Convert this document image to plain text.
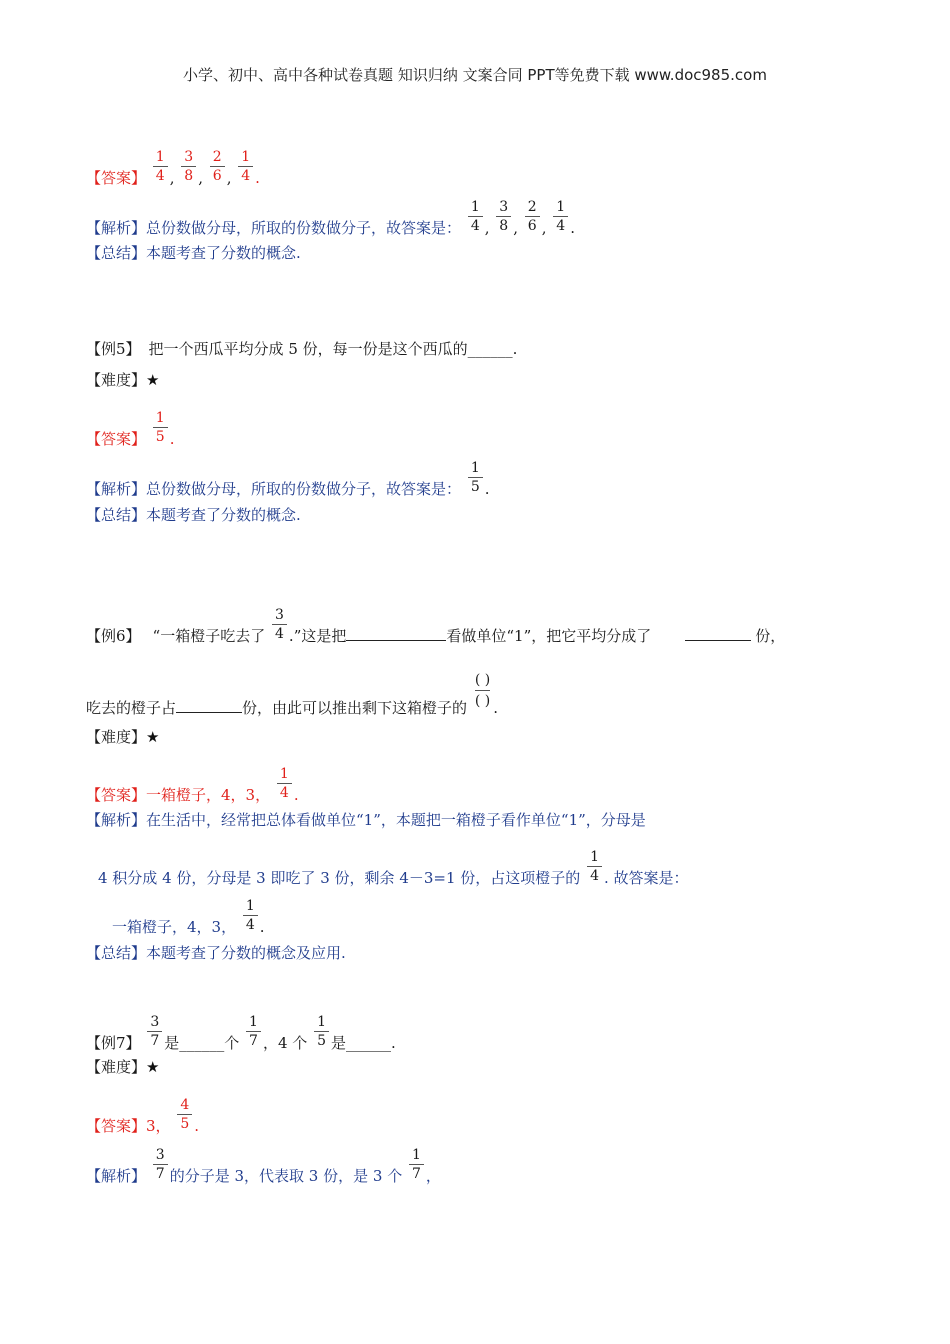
小学、初中、高中各种试卷真题 知识归纳 文案合同 PPT等免费下载 www.doc985.com
【答案】 $\frac{1}{4}$ , $\frac{3}{8}$ , $\frac{2}{6}$ , $\frac{1}{4}$ .
【解析】总份数做分母，所取的份数做分子，故答案是： $\frac{1}{4}$ , $\frac{3}{8}$ , $\frac{2}{6}$ , $\frac{1}{4}$ .
【总结】本题考查了分数的概念.
【例5】 把一个西瓜平均分成 5 份，每一份是这个西瓜的______.
【难度】★
【答案】 $\frac{1}{5}$ .
【解析】总份数做分母，所取的份数做分子，故答案是： $\frac{1}{5}$ .
【总结】本题考查了分数的概念.
【例6】 “一箱橙子吃去了 $\frac{3}{4}$ .”这是把	看做单位“1”，把它平均分成了	份，
吃去的橙子占	份，由此可以推出剩下这箱橙子的 $\frac{( )}{( )}$ .
【难度】★
【答案】一箱橙子，4，3， $\frac{1}{4}$ .
【解析】在生活中，经常把总体看做单位“1”，本题把一箱橙子看作单位“1”，分母是
4 积分成 4 份，分母是 3 即吃了 3 份，剩余 4－3=1 份，占这项橙子的 $\frac{1}{4}$ . 故答案是：
一箱橙子，4，3， $\frac{1}{4}$ .
【总结】本题考查了分数的概念及应用.
【例7】 $\frac{3}{7}$ 是______个 $\frac{1}{7}$ ，4 个 $\frac{1}{5}$ 是______.
【难度】★
【答案】3， $\frac{4}{5}$ .
【解析】 $\frac{3}{7}$ 的分子是 3，代表取 3 份，是 3 个 $\frac{1}{7}$ ，
